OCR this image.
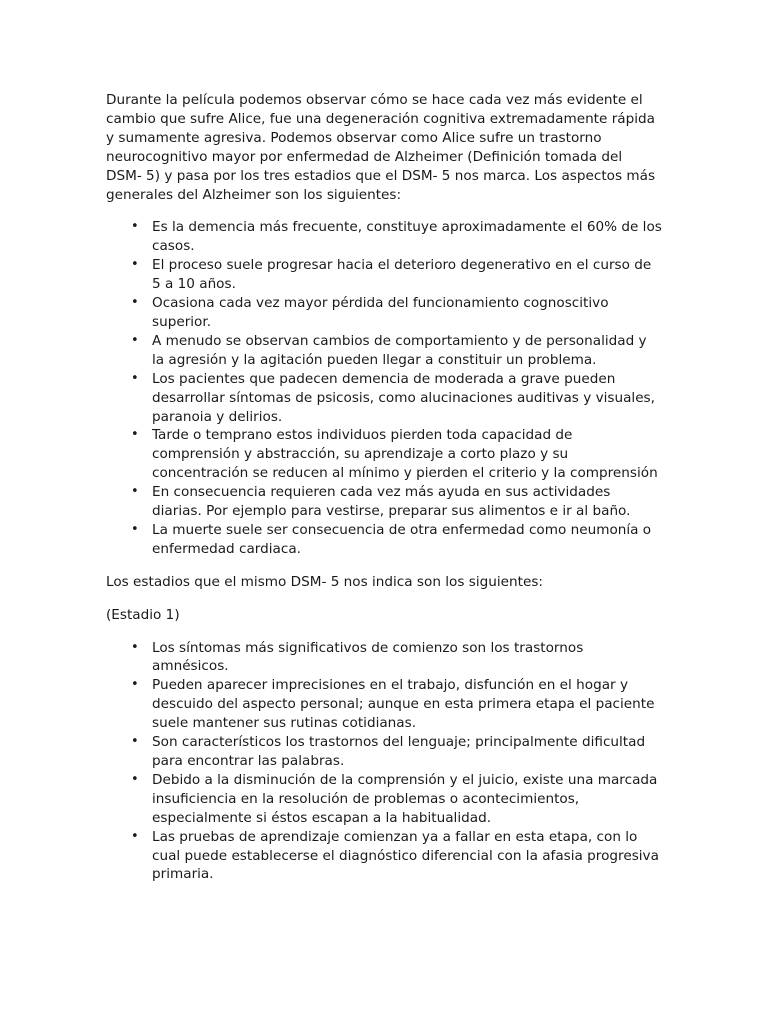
Durante la película podemos observar cómo se hace cada vez más evidente el cambio que sufre Alice, fue una degeneración cognitiva extremadamente rápida y sumamente agresiva. Podemos observar como Alice sufre un trastorno neurocognitivo mayor por enfermedad de Alzheimer (Definición tomada del DSM- 5) y pasa por los tres estadios que el DSM- 5 nos marca. Los aspectos más generales del Alzheimer son los siguientes:

• Es la demencia más frecuente, constituye aproximadamente el 60% de los casos.
• El proceso suele progresar hacia el deterioro degenerativo en el curso de 5 a 10 años.
• Ocasiona cada vez mayor pérdida del funcionamiento cognoscitivo superior.
• A menudo se observan cambios de comportamiento y de personalidad y la agresión y la agitación pueden llegar a constituir un problema.
• Los pacientes que padecen demencia de moderada a grave pueden desarrollar síntomas de psicosis, como alucinaciones auditivas y visuales, paranoia y delirios.
• Tarde o temprano estos individuos pierden toda capacidad de comprensión y abstracción, su aprendizaje a corto plazo y su concentración se reducen al mínimo y pierden el criterio y la comprensión
• En consecuencia requieren cada vez más ayuda en sus actividades diarias. Por ejemplo para vestirse, preparar sus alimentos e ir al baño.
• La muerte suele ser consecuencia de otra enfermedad como neumonía o enfermedad cardiaca.

Los estadios que el mismo DSM- 5 nos indica son los siguientes:

(Estadio 1)

• Los síntomas más significativos de comienzo son los trastornos amnésicos.
• Pueden aparecer imprecisiones en el trabajo, disfunción en el hogar y descuido del aspecto personal; aunque en esta primera etapa el paciente suele mantener sus rutinas cotidianas.
• Son característicos los trastornos del lenguaje; principalmente dificultad para encontrar las palabras.
• Debido a la disminución de la comprensión y el juicio, existe una marcada insuficiencia en la resolución de problemas o acontecimientos, especialmente si éstos escapan a la habitualidad.
• Las pruebas de aprendizaje comienzan ya a fallar en esta etapa, con lo cual puede establecerse el diagnóstico diferencial con la afasia progresiva primaria.
